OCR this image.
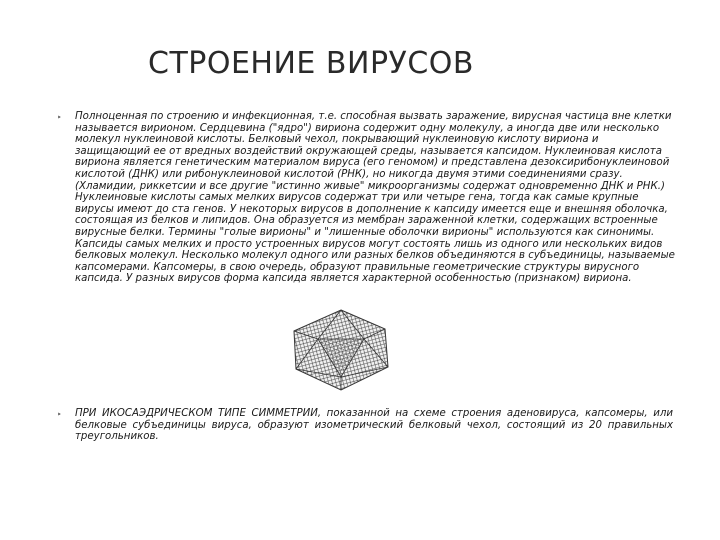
СТРОЕНИЕ ВИРУСОВ
‣ Полноценная по строению и инфекционная, т.е. способная вызвать заражение, вирусная частица вне клетки называется вирионом. Сердцевина ("ядро") вириона содержит одну молекулу, а иногда две или несколько молекул нуклеиновой кислоты. Белковый чехол, покрывающий нуклеиновую кислоту вириона и защищающий ее от вредных воздействий окружающей среды, называется капсидом. Нуклеиновая кислота вириона является генетическим материалом вируса (его геномом) и представлена дезоксирибонуклеиновой кислотой (ДНК) или рибонуклеиновой кислотой (РНК), но никогда двумя этими соединениями сразу. (Хламидии, риккетсии и все другие "истинно живые" микроорганизмы содержат одновременно ДНК и РНК.) Нуклеиновые кислоты самых мелких вирусов содержат три или четыре гена, тогда как самые крупные вирусы имеют до ста генов. У некоторых вирусов в дополнение к капсиду имеется еще и внешняя оболочка, состоящая из белков и липидов. Она образуется из мембран зараженной клетки, содержащих встроенные вирусные белки. Термины "голые вирионы" и "лишенные оболочки вирионы" используются как синонимы. Капсиды самых мелких и просто устроенных вирусов могут состоять лишь из одного или нескольких видов белковых молекул. Несколько молекул одного или разных белков объединяются в субъединицы, называемые капсомерами. Капсомеры, в свою очередь, образуют правильные геометрические структуры вирусного капсида. У разных вирусов форма капсида является характерной особенностью (признаком) вириона.

‣ ПРИ ИКОСАЭДРИЧЕСКОМ ТИПЕ СИММЕТРИИ, показанной на схеме строения аденовируса, капсомеры, или белковые субъединицы вируса, образуют изометрический белковый чехол, состоящий из 20 правильных треугольников.
